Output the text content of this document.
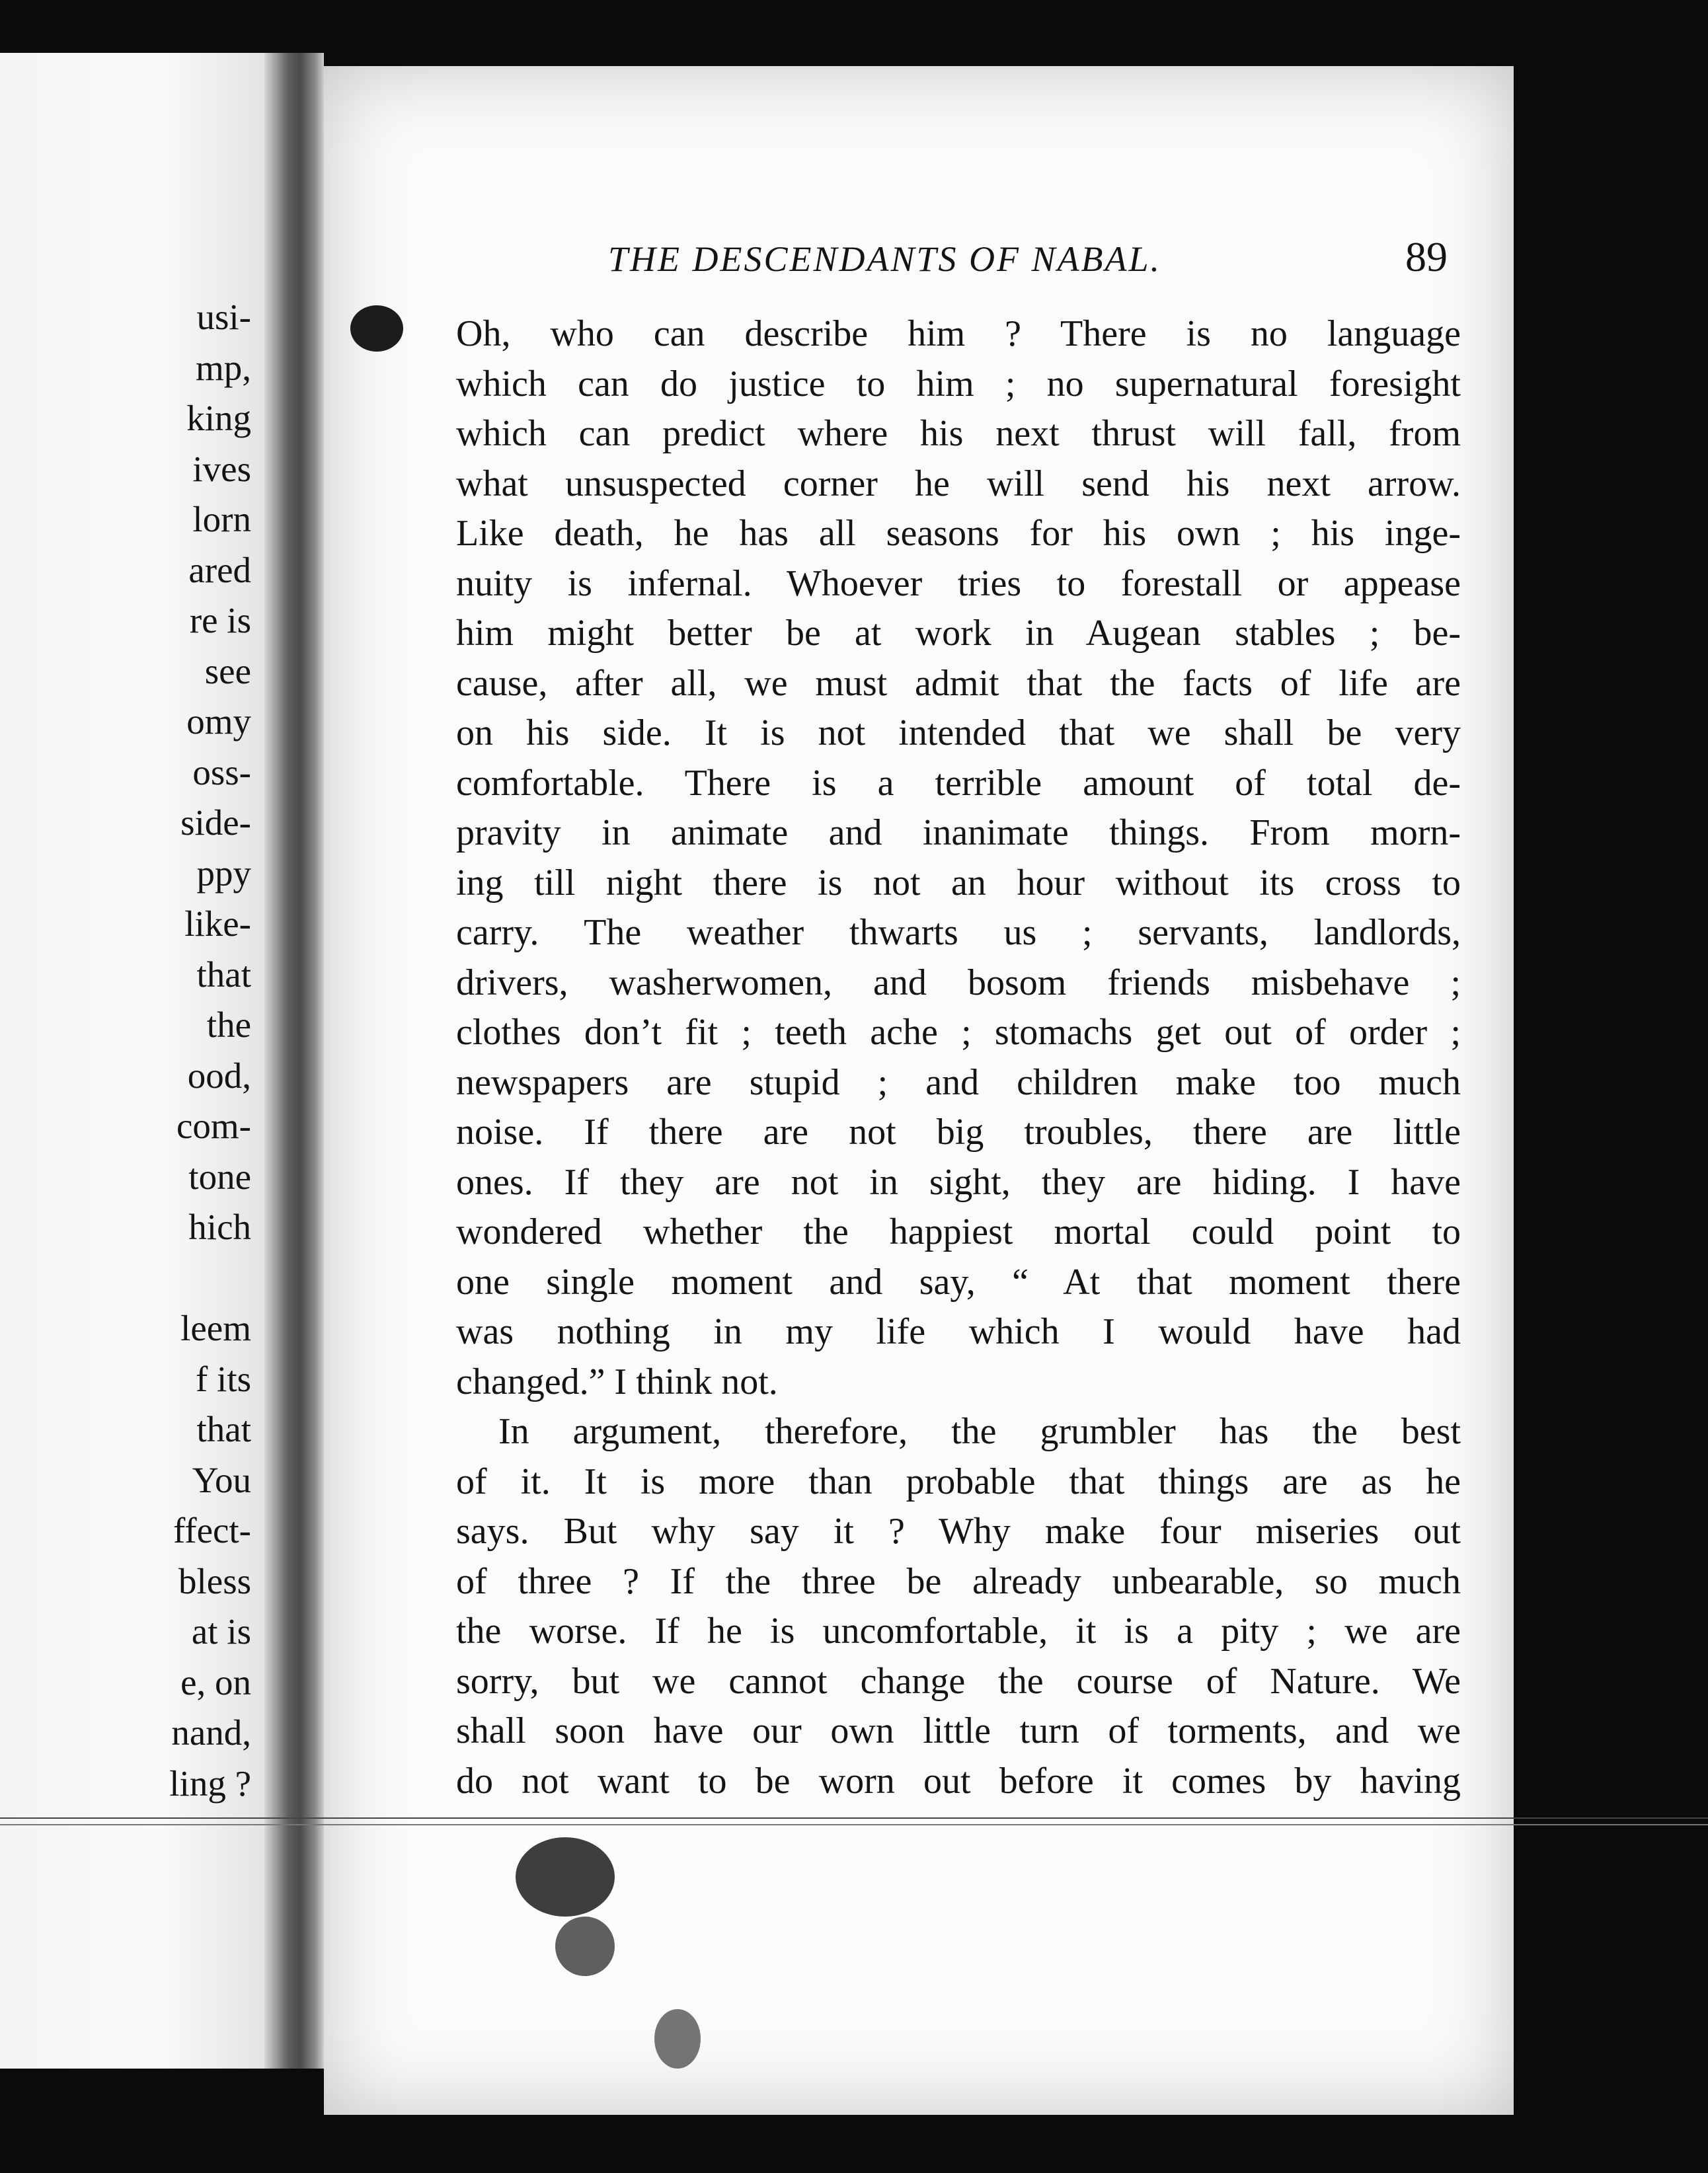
usi-
mp,
king
ives
lorn
ared
re is
see
omy
oss-
side-
ppy
like-
that
the
ood,
com-
tone
hich
leem
f its
that
You
ffect-
bless
at is
e, on
nand,
ling ?
THE DESCENDANTS OF NABAL.	89
Oh, who can describe him ? There is no language
which can do justice to him ; no supernatural foresight
which can predict where his next thrust will fall, from
what unsuspected corner he will send his next arrow.
Like death, he has all seasons for his own ; his inge-
nuity is infernal. Whoever tries to forestall or appease
him might better be at work in Augean stables ; be-
cause, after all, we must admit that the facts of life are
on his side. It is not intended that we shall be very
comfortable. There is a terrible amount of total de-
pravity in animate and inanimate things. From morn-
ing till night there is not an hour without its cross to
carry. The weather thwarts us ; servants, landlords,
drivers, washerwomen, and bosom friends misbehave ;
clothes don’t fit ; teeth ache ; stomachs get out of order ;
newspapers are stupid ; and children make too much
noise. If there are not big troubles, there are little
ones. If they are not in sight, they are hiding. I have
wondered whether the happiest mortal could point to
one single moment and say, “ At that moment there
was nothing in my life which I would have had
changed.” I think not.
In argument, therefore, the grumbler has the best
of it. It is more than probable that things are as he
says. But why say it ? Why make four miseries out
of three ? If the three be already unbearable, so much
the worse. If he is uncomfortable, it is a pity ; we are
sorry, but we cannot change the course of Nature. We
shall soon have our own little turn of torments, and we
do not want to be worn out before it comes by having
